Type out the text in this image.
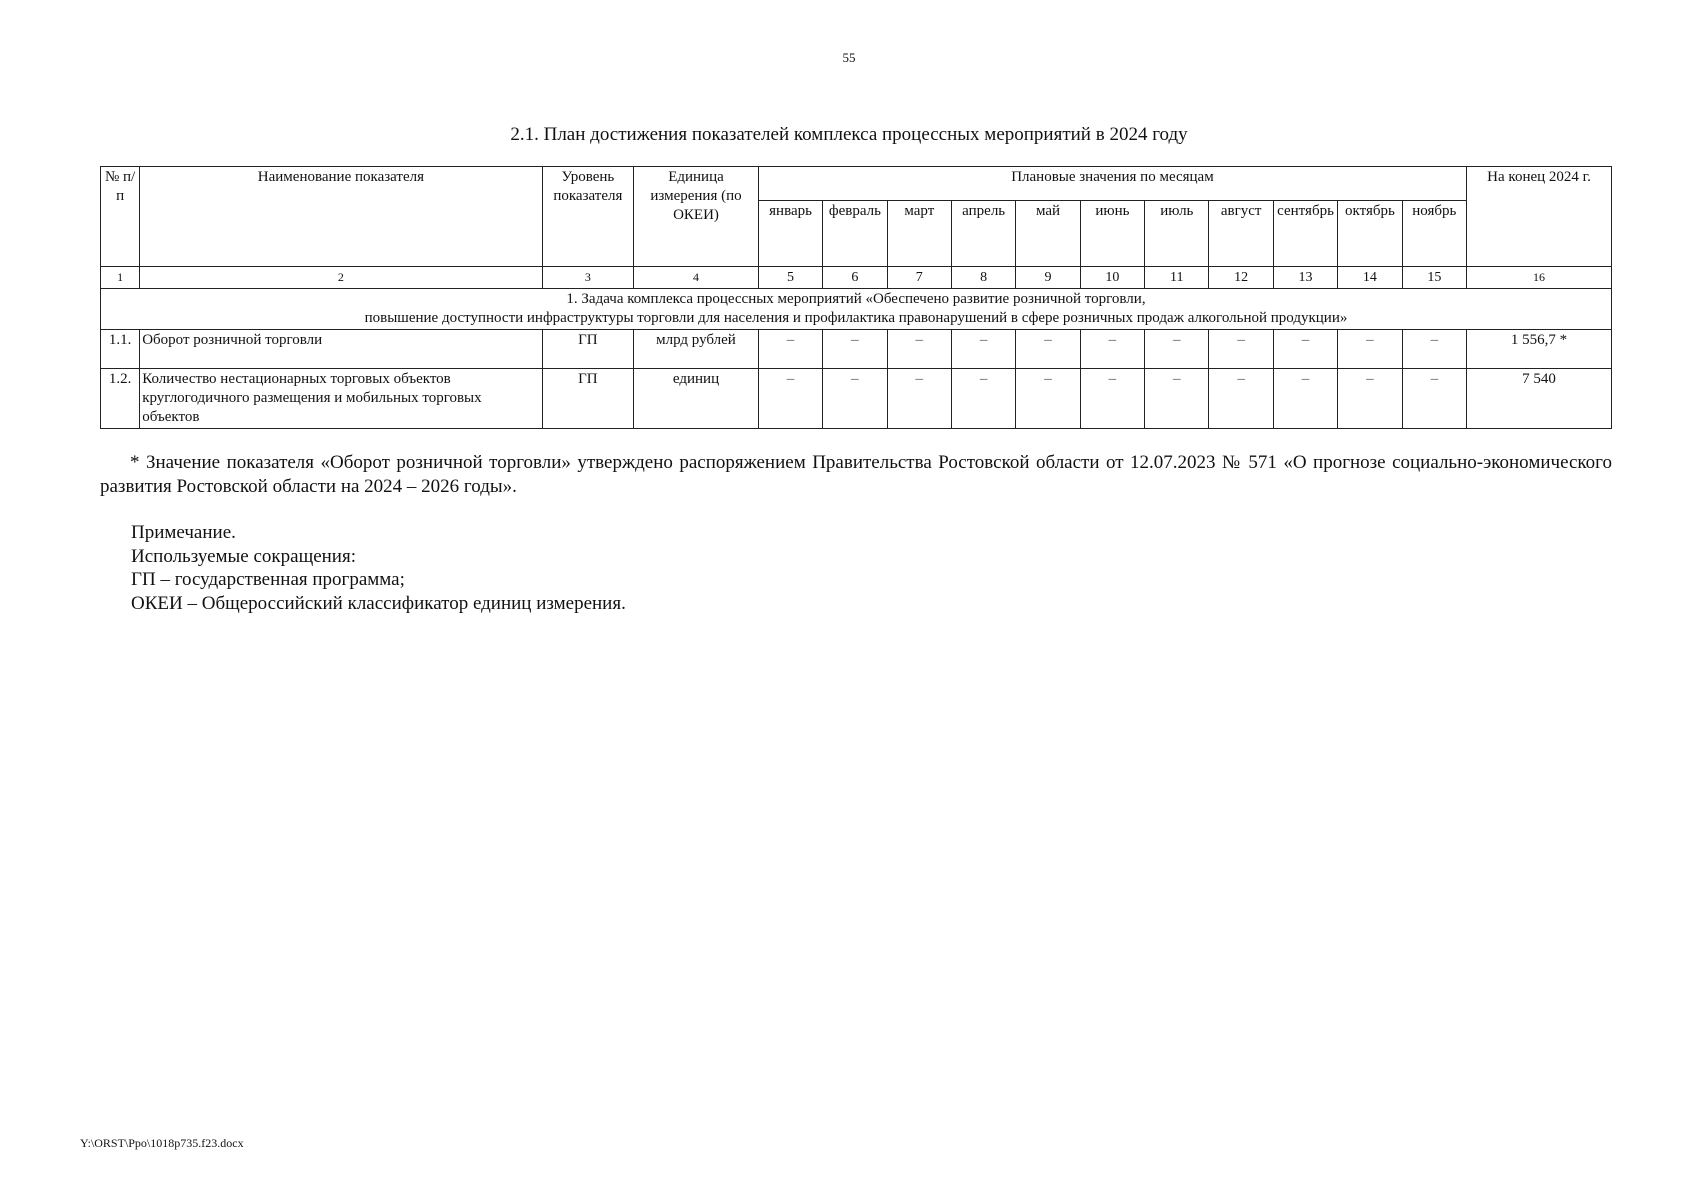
55
2.1. План достижения показателей комплекса процессных мероприятий в 2024 году
№ п/п	Наименование показателя	Уровень показателя	Единица измерения (по ОКЕИ)	Плановые значения по месяцам											На конец 2024 г.
				январь	февраль	март	апрель	май	июнь	июль	август	сентябрь	октябрь	ноябрь	
1	2	3	4	5	6	7	8	9	10	11	12	13	14	15	16

1. Задача комплекса процессных мероприятий «Обеспечено развитие розничной торговли,
повышение доступности инфраструктуры торговли для населения и профилактика правонарушений в сфере розничных продаж алкогольной продукции»															

1.1.	Оборот розничной торговли	ГП	млрд рублей	–	–	–	–	–	–	–	–	–	–	–	1 556,7 *
1.2.	Количество нестационарных торговых объектов круглогодичного размещения и мобильных торговых объектов	ГП	единиц	–	–	–	–	–	–	–	–	–	–	–	7 540
* Значение показателя «Оборот розничной торговли» утверждено распоряжением Правительства Ростовской области от 12.07.2023 № 571 «О прогнозе социально-экономического развития Ростовской области на 2024 – 2026 годы».
Примечание.
Используемые сокращения:
ГП – государственная программа;
ОКЕИ – Общероссийский классификатор единиц измерения.
Y:\ORST\Ppo\1018p735.f23.docx
